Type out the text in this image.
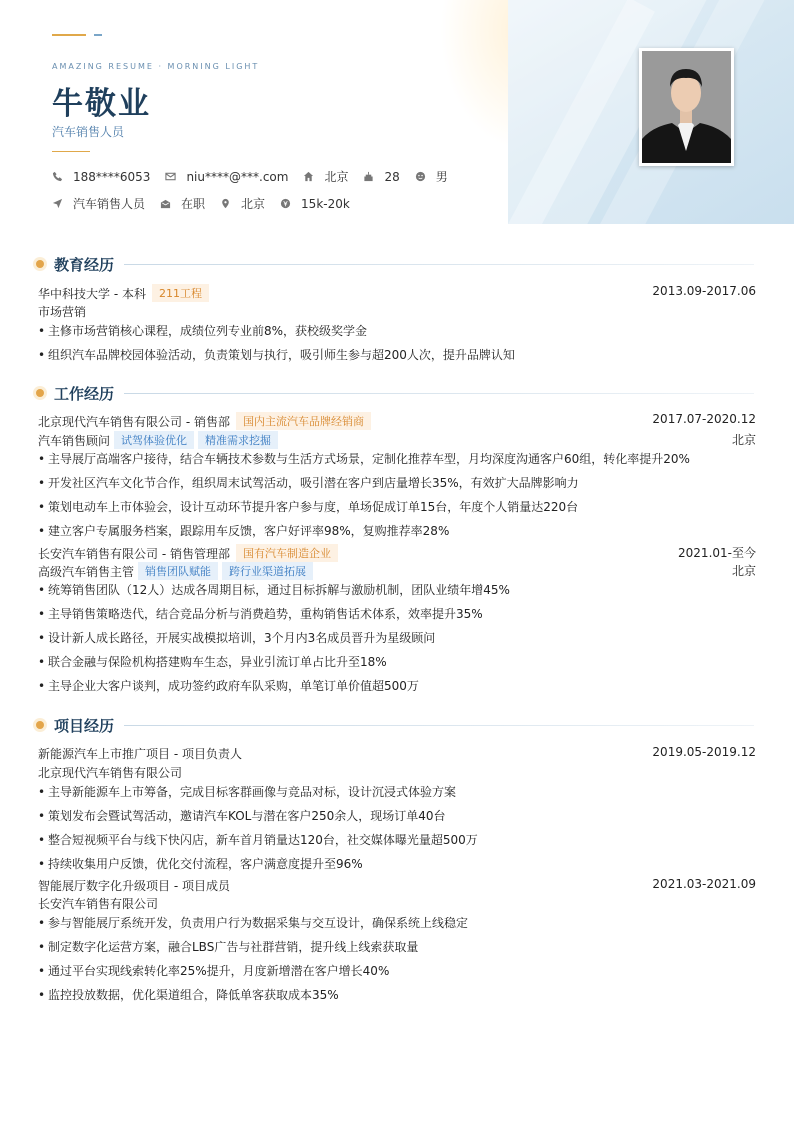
AMAZING RESUME · MORNING LIGHT
牛敬业
汽车销售人员
188****6053	niu****@***.com	北京	28	男
汽车销售人员	在职	北京	15k-20k
教育经历
华中科技大学 - 本科	211工程	2013.09-2017.06
市场营销
• 主修市场营销核心课程，成绩位列专业前8%，获校级奖学金
• 组织汽车品牌校园体验活动，负责策划与执行，吸引师生参与超200人次，提升品牌认知
工作经历
北京现代汽车销售有限公司 - 销售部	国内主流汽车品牌经销商	2017.07-2020.12
汽车销售顾问	试驾体验优化	精准需求挖掘	北京
• 主导展厅高端客户接待，结合车辆技术参数与生活方式场景，定制化推荐车型，月均深度沟通客户60组，转化率提升20%
• 开发社区汽车文化节合作，组织周末试驾活动，吸引潜在客户到店量增长35%，有效扩大品牌影响力
• 策划电动车上市体验会，设计互动环节提升客户参与度，单场促成订单15台，年度个人销量达220台
• 建立客户专属服务档案，跟踪用车反馈，客户好评率98%，复购推荐率28%
长安汽车销售有限公司 - 销售管理部	国有汽车制造企业	2021.01-至今
高级汽车销售主管	销售团队赋能	跨行业渠道拓展	北京
• 统筹销售团队（12人）达成各周期目标，通过目标拆解与激励机制，团队业绩年增45%
• 主导销售策略迭代，结合竞品分析与消费趋势，重构销售话术体系，效率提升35%
• 设计新人成长路径，开展实战模拟培训，3个月内3名成员晋升为星级顾问
• 联合金融与保险机构搭建购车生态，异业引流订单占比升至18%
• 主导企业大客户谈判，成功签约政府车队采购，单笔订单价值超500万
项目经历
新能源汽车上市推广项目 - 项目负责人	2019.05-2019.12
北京现代汽车销售有限公司
• 主导新能源车上市筹备，完成目标客群画像与竞品对标，设计沉浸式体验方案
• 策划发布会暨试驾活动，邀请汽车KOL与潜在客户250余人，现场订单40台
• 整合短视频平台与线下快闪店，新车首月销量达120台，社交媒体曝光量超500万
• 持续收集用户反馈，优化交付流程，客户满意度提升至96%
智能展厅数字化升级项目 - 项目成员	2021.03-2021.09
长安汽车销售有限公司
• 参与智能展厅系统开发，负责用户行为数据采集与交互设计，确保系统上线稳定
• 制定数字化运营方案，融合LBS广告与社群营销，提升线上线索获取量
• 通过平台实现线索转化率25%提升，月度新增潜在客户增长40%
• 监控投放数据，优化渠道组合，降低单客获取成本35%
